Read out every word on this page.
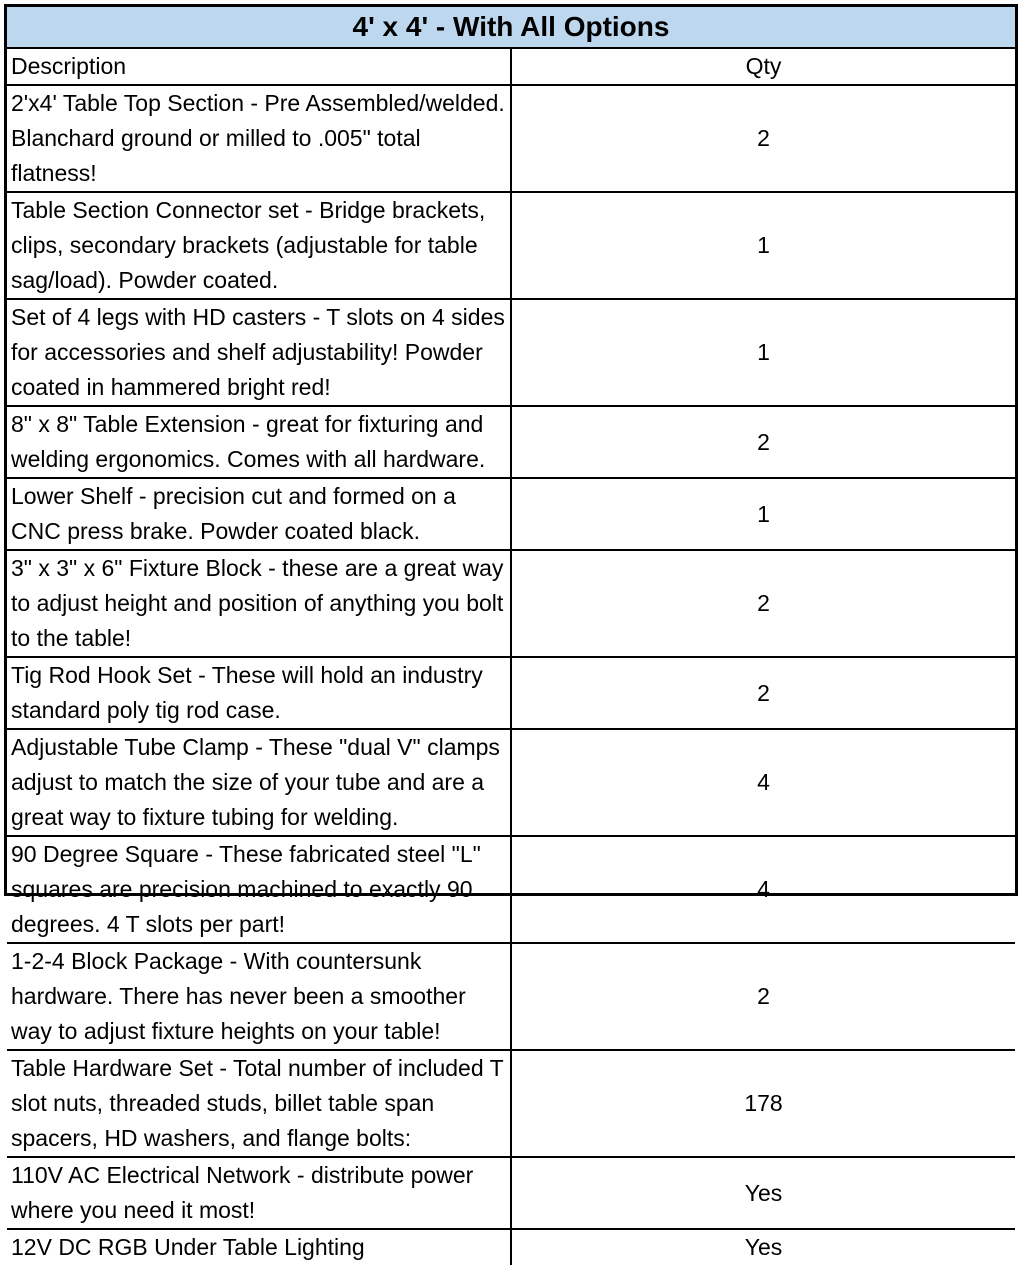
4' x 4' - With All Options	
Description	Qty
2'x4' Table Top Section - Pre Assembled/welded. Blanchard ground or milled to .005" total flatness!	2
Table Section Connector set - Bridge brackets, clips, secondary brackets (adjustable for table sag/load). Powder coated.	1
Set of 4 legs with HD casters - T slots on 4 sides for accessories and shelf adjustability! Powder coated in hammered bright red!	1
8" x 8" Table Extension - great for fixturing and welding ergonomics. Comes with all hardware.	2
Lower Shelf - precision cut and formed on a CNC press brake. Powder coated black.	1
3" x 3" x 6" Fixture Block - these are a great way to adjust height and position of anything you bolt to the table!	2
Tig Rod Hook Set - These will hold an industry standard poly tig rod case.	2
Adjustable Tube Clamp - These "dual V" clamps adjust to match the size of your tube and are a great way to fixture tubing for welding.	4
90 Degree Square - These fabricated steel "L" squares are precision machined to exactly 90 degrees. 4 T slots per part!	4
1-2-4 Block Package - With countersunk hardware. There has never been a smoother way to adjust fixture heights on your table!	2
Table Hardware Set - Total number of included T slot nuts, threaded studs, billet table span spacers, HD washers, and flange bolts:	178
110V AC Electrical Network - distribute power where you need it most!	Yes
12V DC RGB Under Table Lighting	Yes
